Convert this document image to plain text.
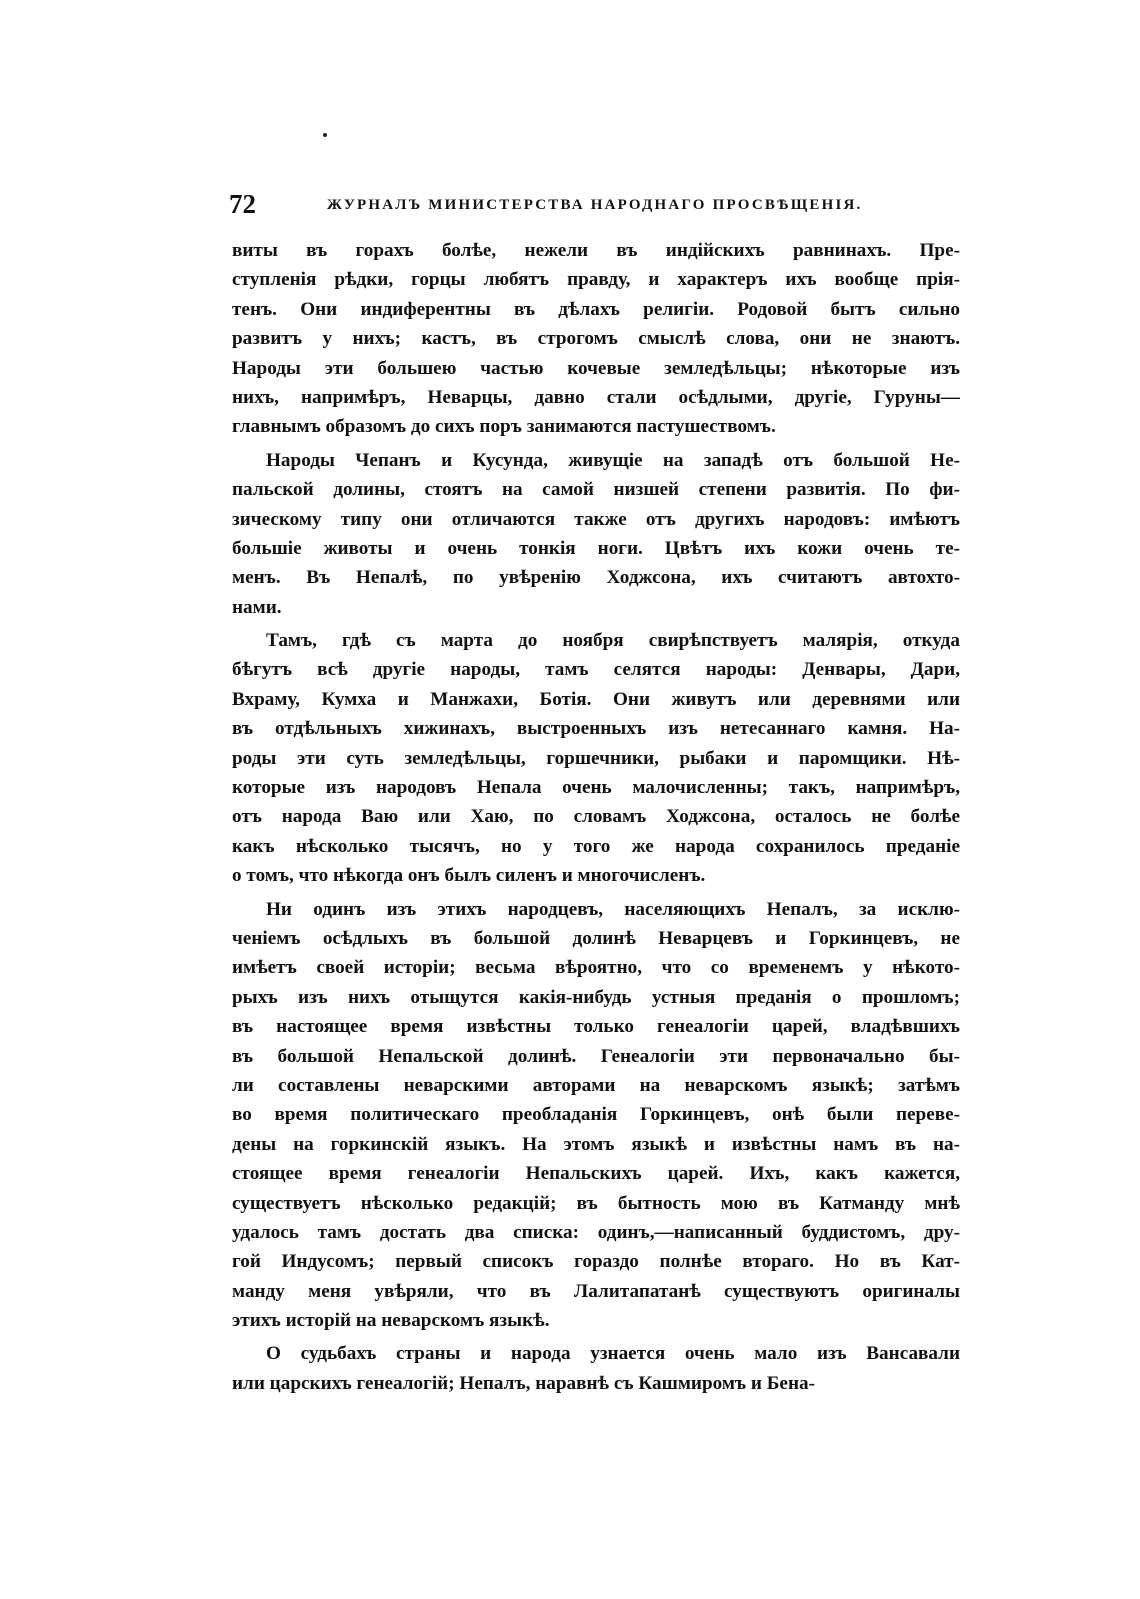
72	ЖУРНАЛЪ МИНИСТЕРСТВА НАРОДНАГО ПРОСВѢЩЕНІЯ.
виты въ горахъ болѣе, нежели въ индійскихъ равнинахъ. Пре-
ступленія рѣдки, горцы любятъ правду, и характеръ ихъ вообще прія-
тенъ. Они индиферентны въ дѣлахъ религіи. Родовой бытъ сильно
развитъ у нихъ; кастъ, въ строгомъ смыслѣ слова, они не знаютъ.
Народы эти большею частью кочевые земледѣльцы; нѣкоторые изъ
нихъ, напримѣръ, Неварцы, давно стали осѣдлыми, другіе, Гуруны—
главнымъ образомъ до сихъ поръ занимаются пастушествомъ.
Народы Чепанъ и Кусунда, живущіе на западѣ отъ большой Не-
пальской долины, стоятъ на самой низшей степени развитія. По фи-
зическому типу они отличаются также отъ другихъ народовъ: имѣютъ
большіе животы и очень тонкія ноги. Цвѣтъ ихъ кожи очень те-
менъ. Въ Непалѣ, по увѣренію Ходжсона, ихъ считаютъ автохто-
нами.
Тамъ, гдѣ съ марта до ноября свирѣпствуетъ малярія, откуда
бѣгутъ всѣ другіе народы, тамъ селятся народы: Денвары, Дари,
Вхраму, Кумха и Манжахи, Ботія. Они живутъ или деревнями или
въ отдѣльныхъ хижинахъ, выстроенныхъ изъ нетесаннаго камня. На-
роды эти суть земледѣльцы, горшечники, рыбаки и паромщики. Нѣ-
которые изъ народовъ Непала очень малочисленны; такъ, напримѣръ,
отъ народа Ваю или Хаю, по словамъ Ходжсона, осталось не болѣе
какъ нѣсколько тысячъ, но у того же народа сохранилось преданіе
о томъ, что нѣкогда онъ былъ силенъ и многочисленъ.
Ни одинъ изъ этихъ народцевъ, населяющихъ Непалъ, за исклю-
ченіемъ осѣдлыхъ въ большой долинѣ Неварцевъ и Горкинцевъ, не
имѣетъ своей исторіи; весьма вѣроятно, что со временемъ у нѣкото-
рыхъ изъ нихъ отыщутся какія-нибудь устныя преданія о прошломъ;
въ настоящее время извѣстны только генеалогіи царей, владѣвшихъ
въ большой Непальской долинѣ. Генеалогіи эти первоначально бы-
ли составлены неварскими авторами на неварскомъ языкѣ; затѣмъ
во время политическаго преобладанія Горкинцевъ, онѣ были переве-
дены на горкинскій языкъ. На этомъ языкѣ и извѣстны намъ въ на-
стоящее время генеалогіи Непальскихъ царей. Ихъ, какъ кажется,
существуетъ нѣсколько редакцій; въ бытность мою въ Катманду мнѣ
удалось тамъ достать два списка: одинъ,—написанный буддистомъ, дру-
гой Индусомъ; первый списокъ гораздо полнѣе втораго. Но въ Кат-
манду меня увѣряли, что въ Лалитапатанѣ существуютъ оригиналы
этихъ исторій на неварскомъ языкѣ.
О судьбахъ страны и народа узнается очень мало изъ Вансавали
или царскихъ генеалогій; Непалъ, наравнѣ съ Кашмиромъ и Бена-
